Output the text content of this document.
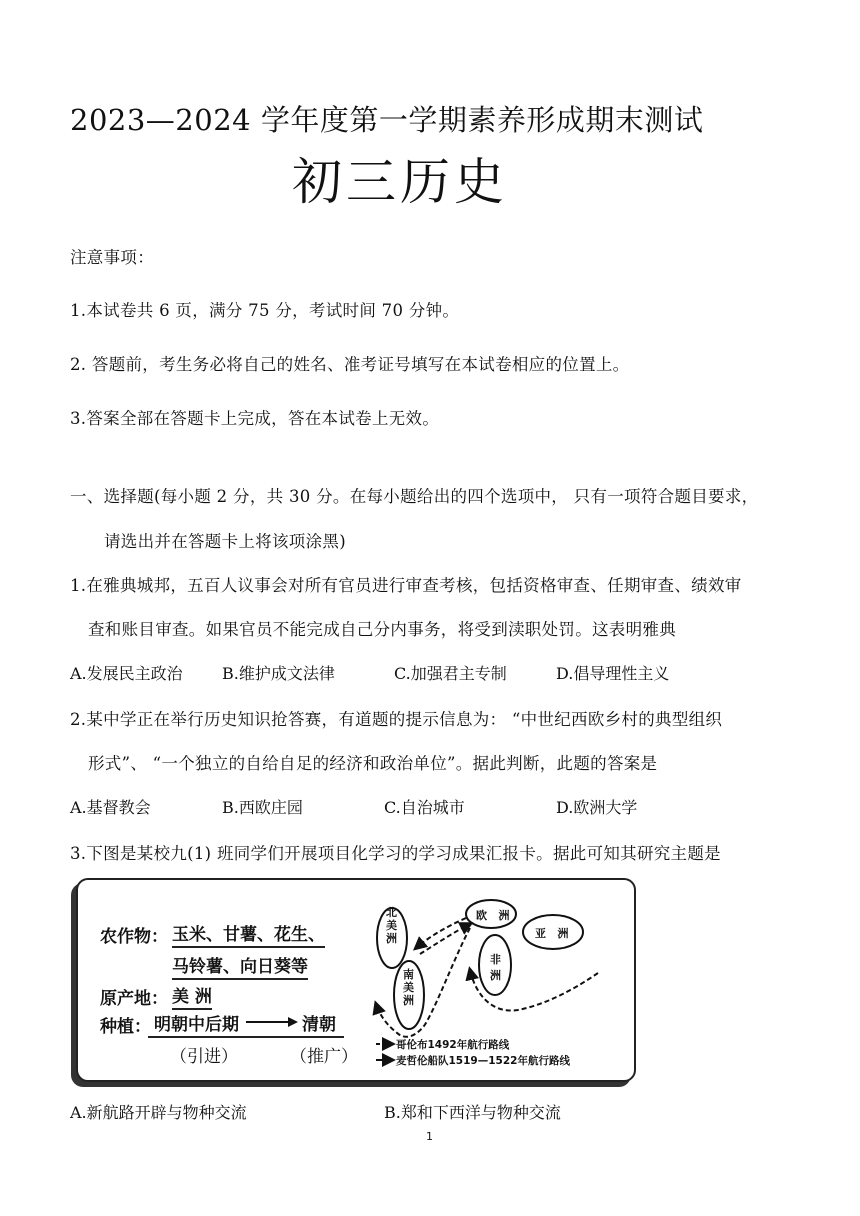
2023—2024 学年度第一学期素养形成期末测试
初三历史
注意事项：
1.本试卷共 6 页，满分 75 分，考试时间 70 分钟。
2. 答题前，考生务必将自己的姓名、准考证号填写在本试卷相应的位置上。
3.答案全部在答题卡上完成，答在本试卷上无效。
一、选择题(每小题 2 分，共 30 分。在每小题给出的四个选项中， 只有一项符合题目要求，
请选出并在答题卡上将该项涂黑)
1.在雅典城邦，五百人议事会对所有官员进行审查考核，包括资格审查、任期审查、绩效审
查和账目审查。如果官员不能完成自己分内事务，将受到渎职处罚。这表明雅典
A.发展民主政治 B.维护成文法律	C.加强君主专制	D.倡导理性主义
2.某中学正在举行历史知识抢答赛，有道题的提示信息为： “中世纪西欧乡村的典型组织
形式”、 “一个独立的自给自足的经济和政治单位”。据此判断，此题的答案是
A.基督教会	B.西欧庄园	C.自治城市	D.欧洲大学
3.下图是某校九(1) 班同学们开展项目化学习的学习成果汇报卡。据此可知其研究主题是
农作物： 玉米、甘薯、花生、
马铃薯、向日葵等
原产地： 美 洲
种植： 明朝中后期	清朝
（引进）	（推广）
北
美
洲
南
美
洲
欧   洲
非
洲
亚   洲
哥伦布1492年航行路线
麦哲伦船队1519—1522年航行路线
A.新航路开辟与物种交流	B.郑和下西洋与物种交流
1
